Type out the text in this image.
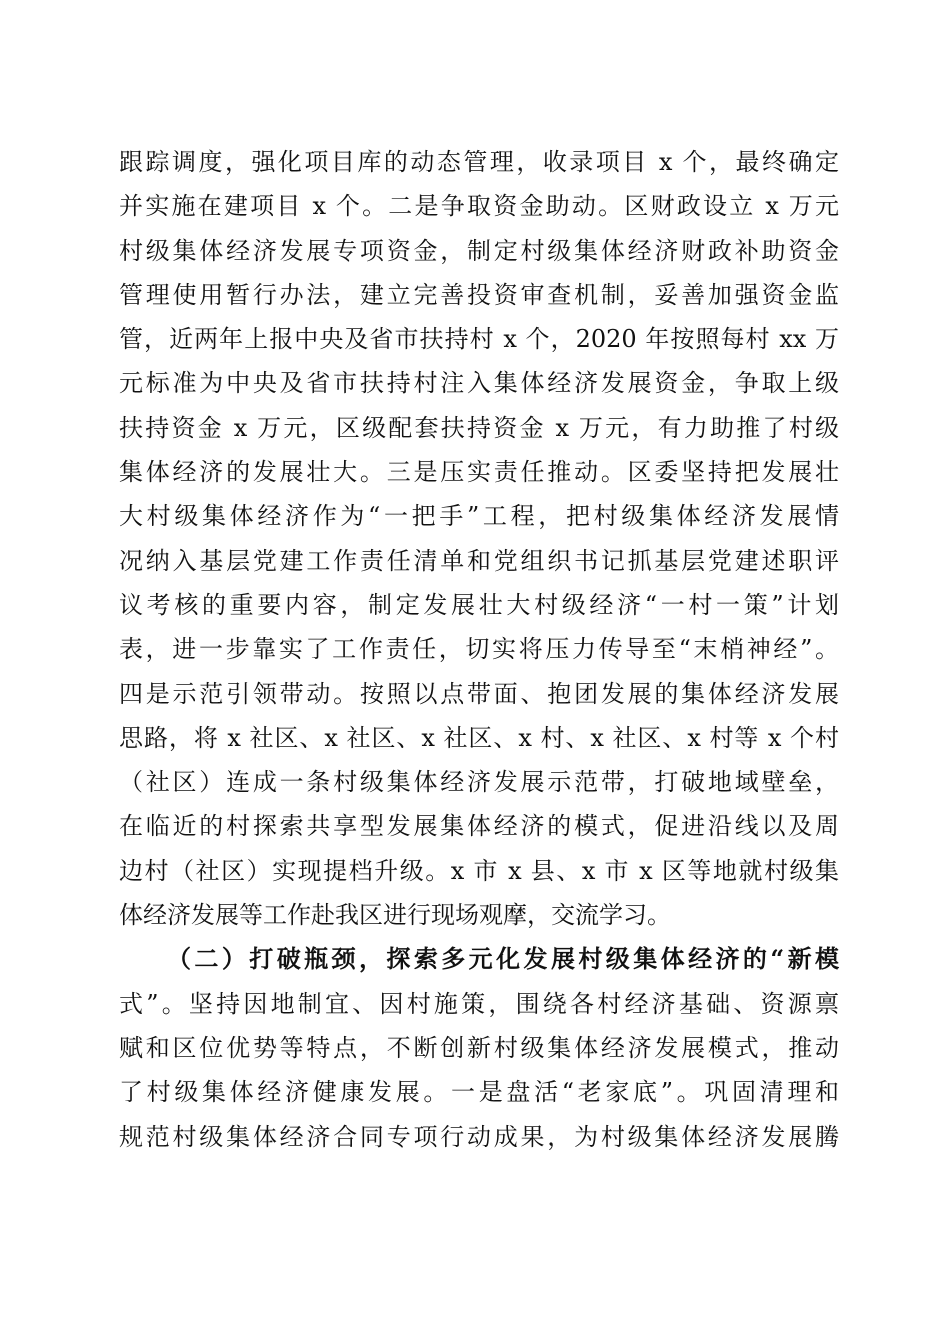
跟踪调度，强化项目库的动态管理，收录项目 x 个，最终确定
并实施在建项目 x 个。二是争取资金助动。区财政设立 x 万元
村级集体经济发展专项资金，制定村级集体经济财政补助资金
管理使用暂行办法，建立完善投资审查机制，妥善加强资金监
管，近两年上报中央及省市扶持村 x 个，2020 年按照每村 xx 万
元标准为中央及省市扶持村注入集体经济发展资金，争取上级
扶持资金 x 万元，区级配套扶持资金 x 万元，有力助推了村级
集体经济的发展壮大。三是压实责任推动。区委坚持把发展壮
大村级集体经济作为“一把手”工程，把村级集体经济发展情
况纳入基层党建工作责任清单和党组织书记抓基层党建述职评
议考核的重要内容，制定发展壮大村级经济“一村一策”计划
表，进一步靠实了工作责任，切实将压力传导至“末梢神经”。
四是示范引领带动。按照以点带面、抱团发展的集体经济发展
思路，将 x 社区、x 社区、x 社区、x 村、x 社区、x 村等 x 个村
（社区）连成一条村级集体经济发展示范带，打破地域壁垒，
在临近的村探索共享型发展集体经济的模式，促进沿线以及周
边村（社区）实现提档升级。x 市 x 县、x 市 x 区等地就村级集
体经济发展等工作赴我区进行现场观摩，交流学习。
（二）打破瓶颈，探索多元化发展村级集体经济的“新模
式”。坚持因地制宜、因村施策，围绕各村经济基础、资源禀
赋和区位优势等特点，不断创新村级集体经济发展模式，推动
了村级集体经济健康发展。一是盘活“老家底”。巩固清理和
规范村级集体经济合同专项行动成果，为村级集体经济发展腾
